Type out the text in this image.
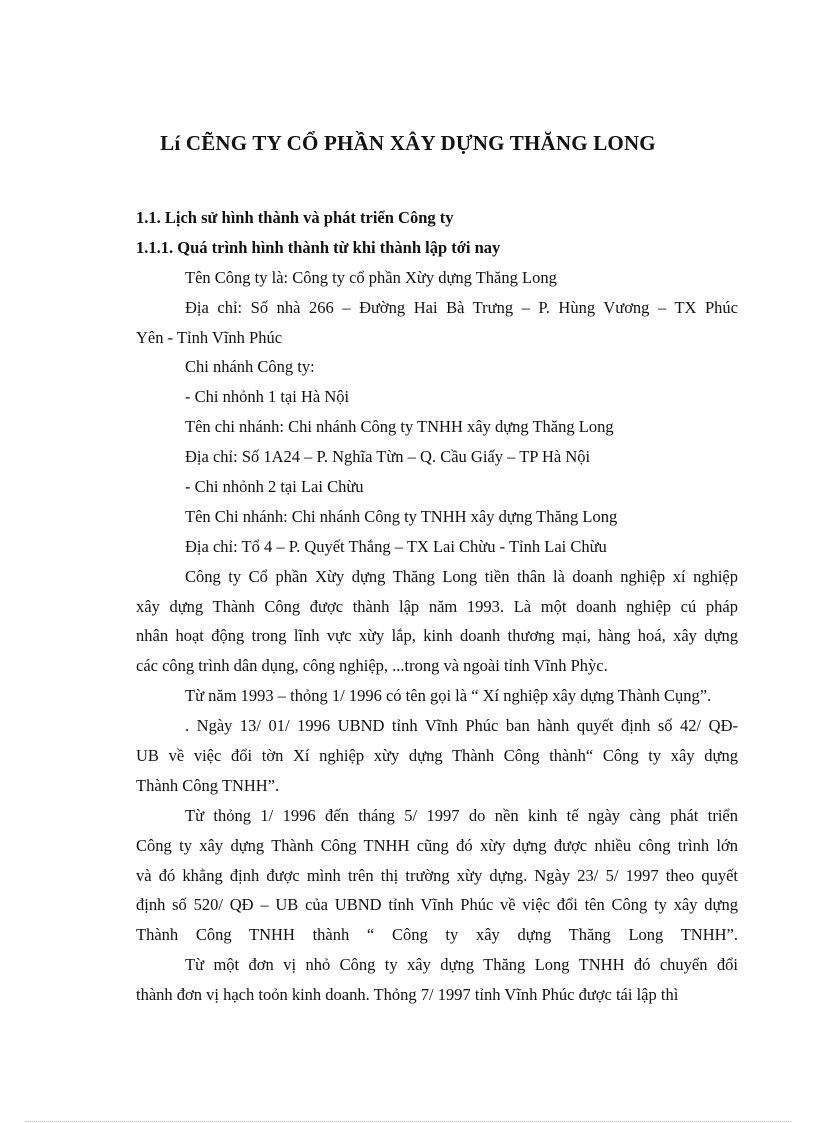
Lí CẼNG TY CỔ PHẦN XÂY DỰNG THĂNG LONG
1.1. Lịch sử hình thành và phát triển Công ty
1.1.1. Quá trình hình thành từ khi thành lập tới nay
Tên Công ty là: Công ty cổ phần Xừy dựng Thăng Long
Địa chỉ: Số nhà 266 – Đường Hai Bà Trưng – P. Hùng Vương – TX Phúc
Yên - Tỉnh Vĩnh Phúc
Chi nhánh Công ty:
- Chi nhỏnh 1 tại Hà Nội
Tên chi nhánh: Chi nhánh Công ty TNHH xây dựng Thăng Long
Địa chỉ: Số 1A24 – P. Nghĩa Từn – Q. Cầu Giấy – TP Hà Nội
- Chi nhỏnh 2 tại Lai Chừu
Tên Chi nhánh: Chi nhánh Công ty TNHH xây dựng Thăng Long
Địa chỉ: Tổ 4 – P. Quyết Thắng – TX Lai Chừu - Tỉnh Lai Chừu
Công ty Cổ phần Xừy dựng Thăng Long tiền thân là doanh nghiệp xí nghiệp
xây dựng Thành Công được thành lập năm 1993. Là một doanh nghiệp cú pháp
nhân hoạt động trong lĩnh vực xừy lắp, kinh doanh thương mại, hàng hoá, xây dựng
các công trình dân dụng, công nghiệp, ...trong và ngoài tỉnh Vĩnh Phỳc.
Từ năm 1993 – thỏng 1/ 1996 có tên gọi là “ Xí nghiệp xây dựng Thành Cụng”.
. Ngày 13/ 01/ 1996 UBND tỉnh Vĩnh Phúc ban hành quyết định số 42/ QĐ-
UB về việc đổi tờn Xí nghiệp xừy dựng Thành Công thành“ Công ty xây dựng
Thành Công TNHH”.
Từ thỏng 1/ 1996 đến tháng 5/ 1997 do nền kinh tế ngày càng phát triển
Công ty xây dựng Thành Công TNHH cũng đó xừy dựng được nhiều công trình lớn
và đó khẳng định được mình trên thị trường xừy dựng. Ngày 23/ 5/ 1997 theo quyết
định số 520/ QĐ – UB của UBND tỉnh Vĩnh Phúc về việc đổi tên Công ty xây dựng
Thành Công TNHH thành “ Công ty xây dựng Thăng Long TNHH”.
Từ một đơn vị nhỏ Công ty xây dựng Thăng Long TNHH đó chuyển đổi
thành đơn vị hạch toỏn kinh doanh. Thỏng 7/ 1997 tỉnh Vĩnh Phúc được tái lập thì
